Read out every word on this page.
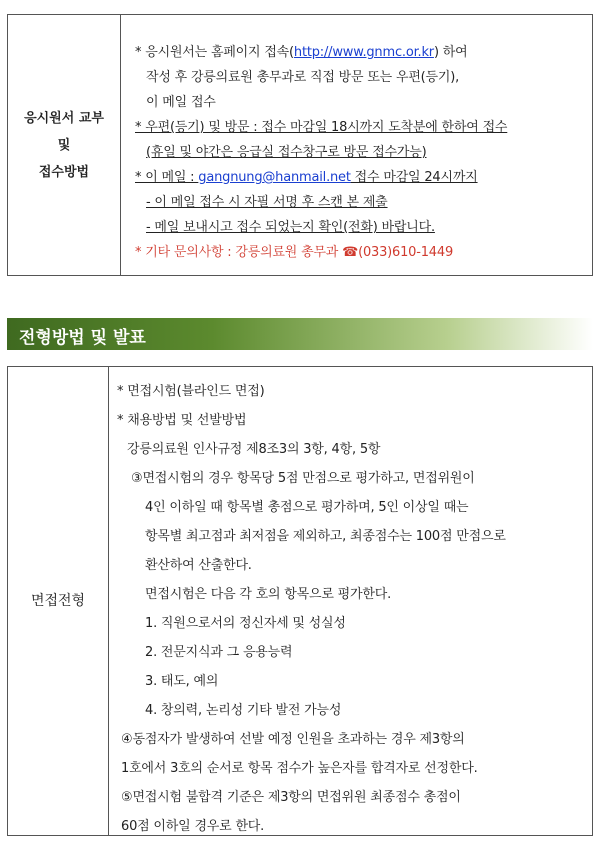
응시원서 교부
및
접수방법
* 응시원서는 홈페이지 접속(http://www.gnmc.or.kr) 하여
작성 후 강릉의료원 총무과로 직접 방문 또는 우편(등기),
이 메일 접수
* 우편(등기) 및 방문 : 접수 마감일 18시까지 도착분에 한하여 접수
(휴일 및 야간은 응급실 접수창구로 방문 접수가능)
* 이 메일 : gangnung@hanmail.net 접수 마감일 24시까지
- 이 메일 접수 시 자필 서명 후 스캔 본 제출
- 메일 보내시고 접수 되었는지 확인(전화) 바랍니다.
* 기타 문의사항 : 강릉의료원 총무과 ☎(033)610-1449
전형방법 및 발표
면접전형
* 면접시험(블라인드 면접)
* 채용방법 및 선발방법
강릉의료원 인사규정 제8조3의 3항, 4항, 5항
③면접시험의 경우 항목당 5점 만점으로 평가하고, 면접위원이
4인 이하일 때 항목별 총점으로 평가하며, 5인 이상일 때는
항목별 최고점과 최저점을 제외하고, 최종점수는 100점 만점으로
환산하여 산출한다.
면접시험은 다음 각 호의 항목으로 평가한다.
1. 직원으로서의 정신자세 및 성실성
2. 전문지식과 그 응용능력
3. 태도, 예의
4. 창의력, 논리성 기타 발전 가능성
④동점자가 발생하여 선발 예정 인원을 초과하는 경우 제3항의
1호에서 3호의 순서로 항목 점수가 높은자를 합격자로 선정한다.
⑤면접시험 불합격 기준은 제3항의 면접위원 최종점수 총점이
60점 이하일 경우로 한다.
